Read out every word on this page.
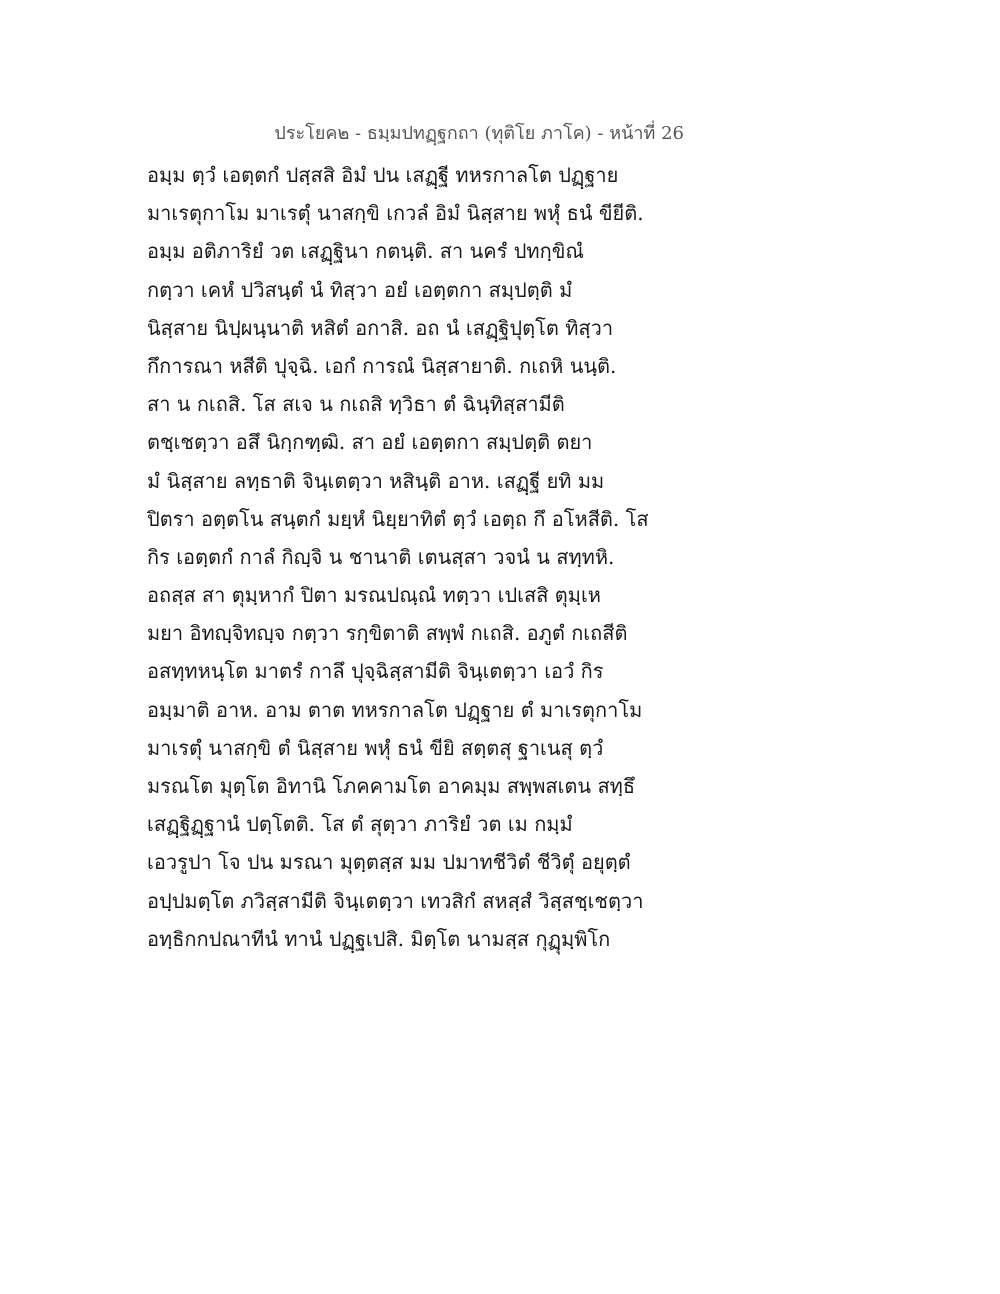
ประโยค๒ - ธมฺมปทฏฺฐกถา (ทุติโย ภาโค) - หน้าที่ 26
อมฺม ตฺวํ เอตฺตกํ ปสฺสสิ อิมํ ปน เสฏฺฐี ทหรกาลโต ปฏฺฐาย
มาเรตุกาโม มาเรตุํ นาสกฺขิ เกวลํ อิมํ นิสฺสาย พหุํ ธนํ ขียีติ.
อมฺม อติภาริยํ วต เสฏฺฐินา กตนฺติ. สา นครํ ปทกฺขิณํ
กตฺวา เคหํ ปวิสนฺตํ นํ ทิสฺวา อยํ เอตฺตกา สมฺปตฺติ มํ
นิสฺสาย นิปฺผนฺนาติ หสิตํ อกาสิ. อถ นํ เสฏฺฐิปุตฺโต ทิสฺวา
กึการณา หสีติ ปุจฺฉิ. เอกํ การณํ นิสฺสายาติ. กเถหิ นนฺติ.
สา น กเถสิ. โส สเจ น กเถสิ ทฺวิธา ตํ ฉินฺทิสฺสามีติ
ตชฺเชตฺวา อสึ นิกฺกฑฺฒิ. สา อยํ เอตฺตกา สมฺปตฺติ ตยา
มํ นิสฺสาย ลทฺธาติ จินฺเตตฺวา หสินฺติ อาห. เสฏฺฐี ยทิ มม
ปิตรา อตฺตโน สนฺตกํ มยฺหํ นิยฺยาทิตํ ตฺวํ เอตฺถ กึ อโหสีติ. โส
กิร เอตฺตกํ กาลํ กิญฺจิ น ชานาติ เตนสฺสา วจนํ น สทฺทหิ.
อถสฺส สา ตุมฺหากํ ปิตา มรณปณฺณํ ทตฺวา เปเสสิ ตุมฺเห
มยา อิทญฺจิทญฺจ กตฺวา รกฺขิตาติ สพฺพํ กเถสิ. อภูตํ กเถสีติ
อสทฺทหนฺโต มาตรํ กาลึ ปุจฺฉิสฺสามีติ จินฺเตตฺวา เอวํ กิร
อมฺมาติ อาห. อาม ตาต ทหรกาลโต ปฏฺฐาย ตํ มาเรตุกาโม
มาเรตุํ นาสกฺขิ ตํ นิสฺสาย พหุํ ธนํ ขียิ สตฺตสุ ฐาเนสุ ตฺวํ
มรณโต มุตฺโต อิทานิ โภคคามโต อาคมฺม สพฺพสเตน สทฺธึ
เสฏฺฐิฏฺฐานํ ปตฺโตติ. โส ตํ สุตฺวา ภาริยํ วต เม กมฺมํ
เอวรูปา โจ ปน มรณา มุตฺตสฺส มม ปมาทชีวิตํ ชีวิตุํ อยุตฺตํ
อปฺปมตฺโต ภวิสฺสามีติ จินฺเตตฺวา เทวสิกํ สหสฺสํ วิสฺสชฺเชตฺวา
อทฺธิกกปณาทีนํ ทานํ ปฏฺฐเปสิ. มิตฺโต นามสฺส กุฏุมฺพิโก
